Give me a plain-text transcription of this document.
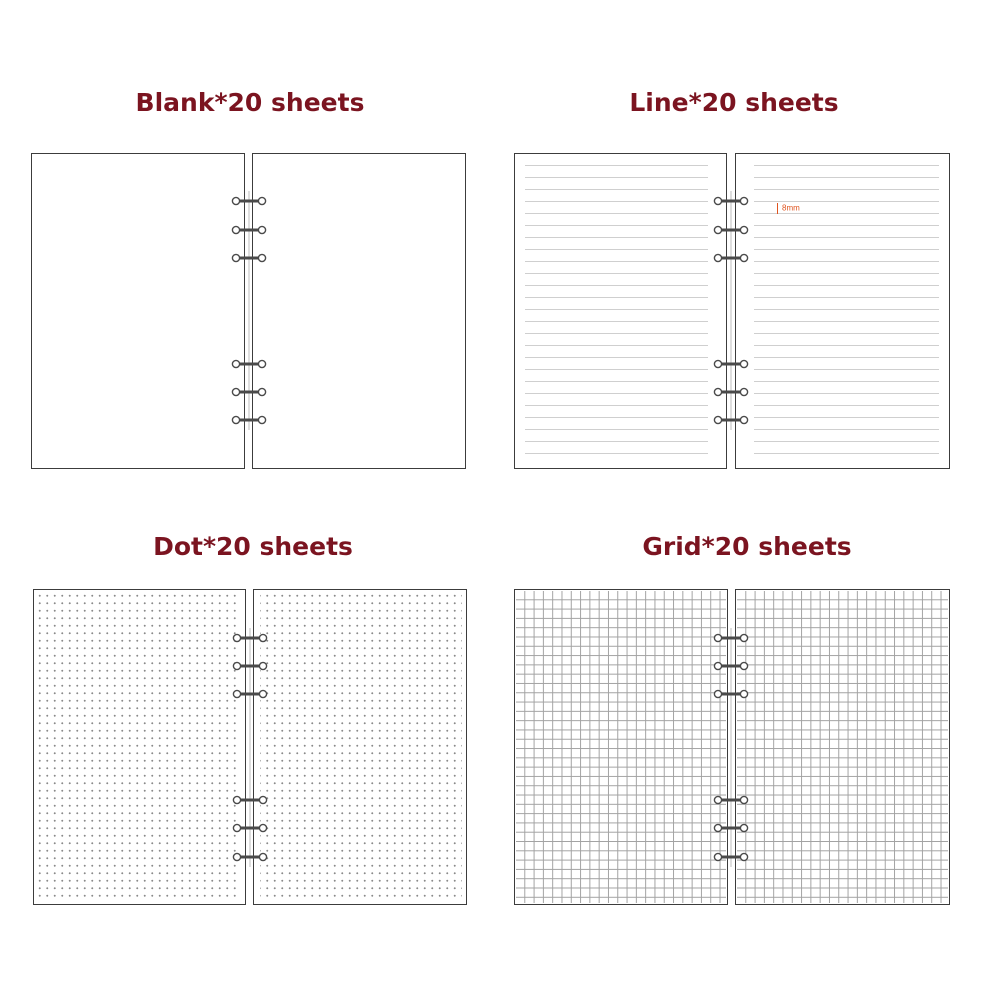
Blank*20 sheets	Line*20 sheets
8mm
Dot*20 sheets	Grid*20 sheets
